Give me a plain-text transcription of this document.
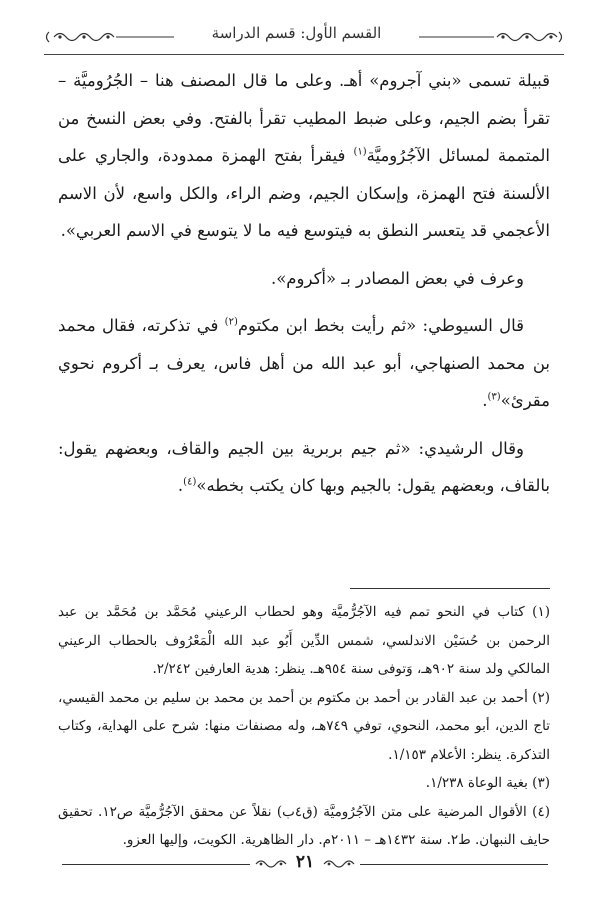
القسم الأول: قسم الدراسة

قبيلة تسمى «بني آجروم» أهـ. وعلى ما قال المصنف هنا – الجُرُوميَّة – تقرأ بضم الجيم، وعلى ضبط المطيب تقرأ بالفتح. وفي بعض النسخ من المتممة لمسائل الآجُرُوميَّة$^{(١)}$ فيقرأ بفتح الهمزة ممدودة، والجاري على الألسنة فتح الهمزة، وإسكان الجيم، وضم الراء، والكل واسع، لأن الاسم الأعجمي قد يتعسر النطق به فيتوسع فيه ما لا يتوسع في الاسم العربي».

وعرف في بعض المصادر بـ «أكروم».

قال السيوطي: «ثم رأيت بخط ابن مكتوم$^{(٢)}$ في تذكرته، فقال محمد بن محمد الصنهاجي، أبو عبد الله من أهل فاس، يعرف بـ أكروم نحوي مقرئ»$^{(٣)}$.

وقال الرشيدي: «ثم جيم بربرية بين الجيم والقاف، وبعضهم يقول: بالقاف، وبعضهم يقول: بالجيم وبها كان يكتب بخطه»$^{(٤)}$.

(١) كتاب في النحو تمم فيه الآجُرُّميَّة وهو لحطاب الرعيني مُحَمَّد بن مُحَمَّد بن عبد الرحمن بن حُسَيْن الاندلسي، شمس الدِّين أَبُو عبد الله الْمَعْرُوف بالحطاب الرعيني المالكي ولد سنة ٩٠٢هـ، وَتوفى سنة ٩٥٤هـ. ينظر: هدية العارفين ٢/٢٤٢.

(٢) أحمد بن عبد القادر بن أحمد بن مكتوم بن أحمد بن محمد بن سليم بن محمد القيسي، تاج الدين، أبو محمد، النحوي، توفي ٧٤٩هـ، وله مصنفات منها: شرح على الهداية، وكتاب التذكرة. ينظر: الأعلام ١/١٥٣.

(٣) بغية الوعاة ١/٢٣٨.

(٤) الأقوال المرضية على متن الآجُرُوميَّة (ق٤ب) نقلاً عن محقق الآجُرُّميَّة ص١٢. تحقيق حايف النبهان. ط٢. سنة ١٤٣٢هـ – ٢٠١١م. دار الظاهرية. الكويت، وإليها العزو.

٢١
